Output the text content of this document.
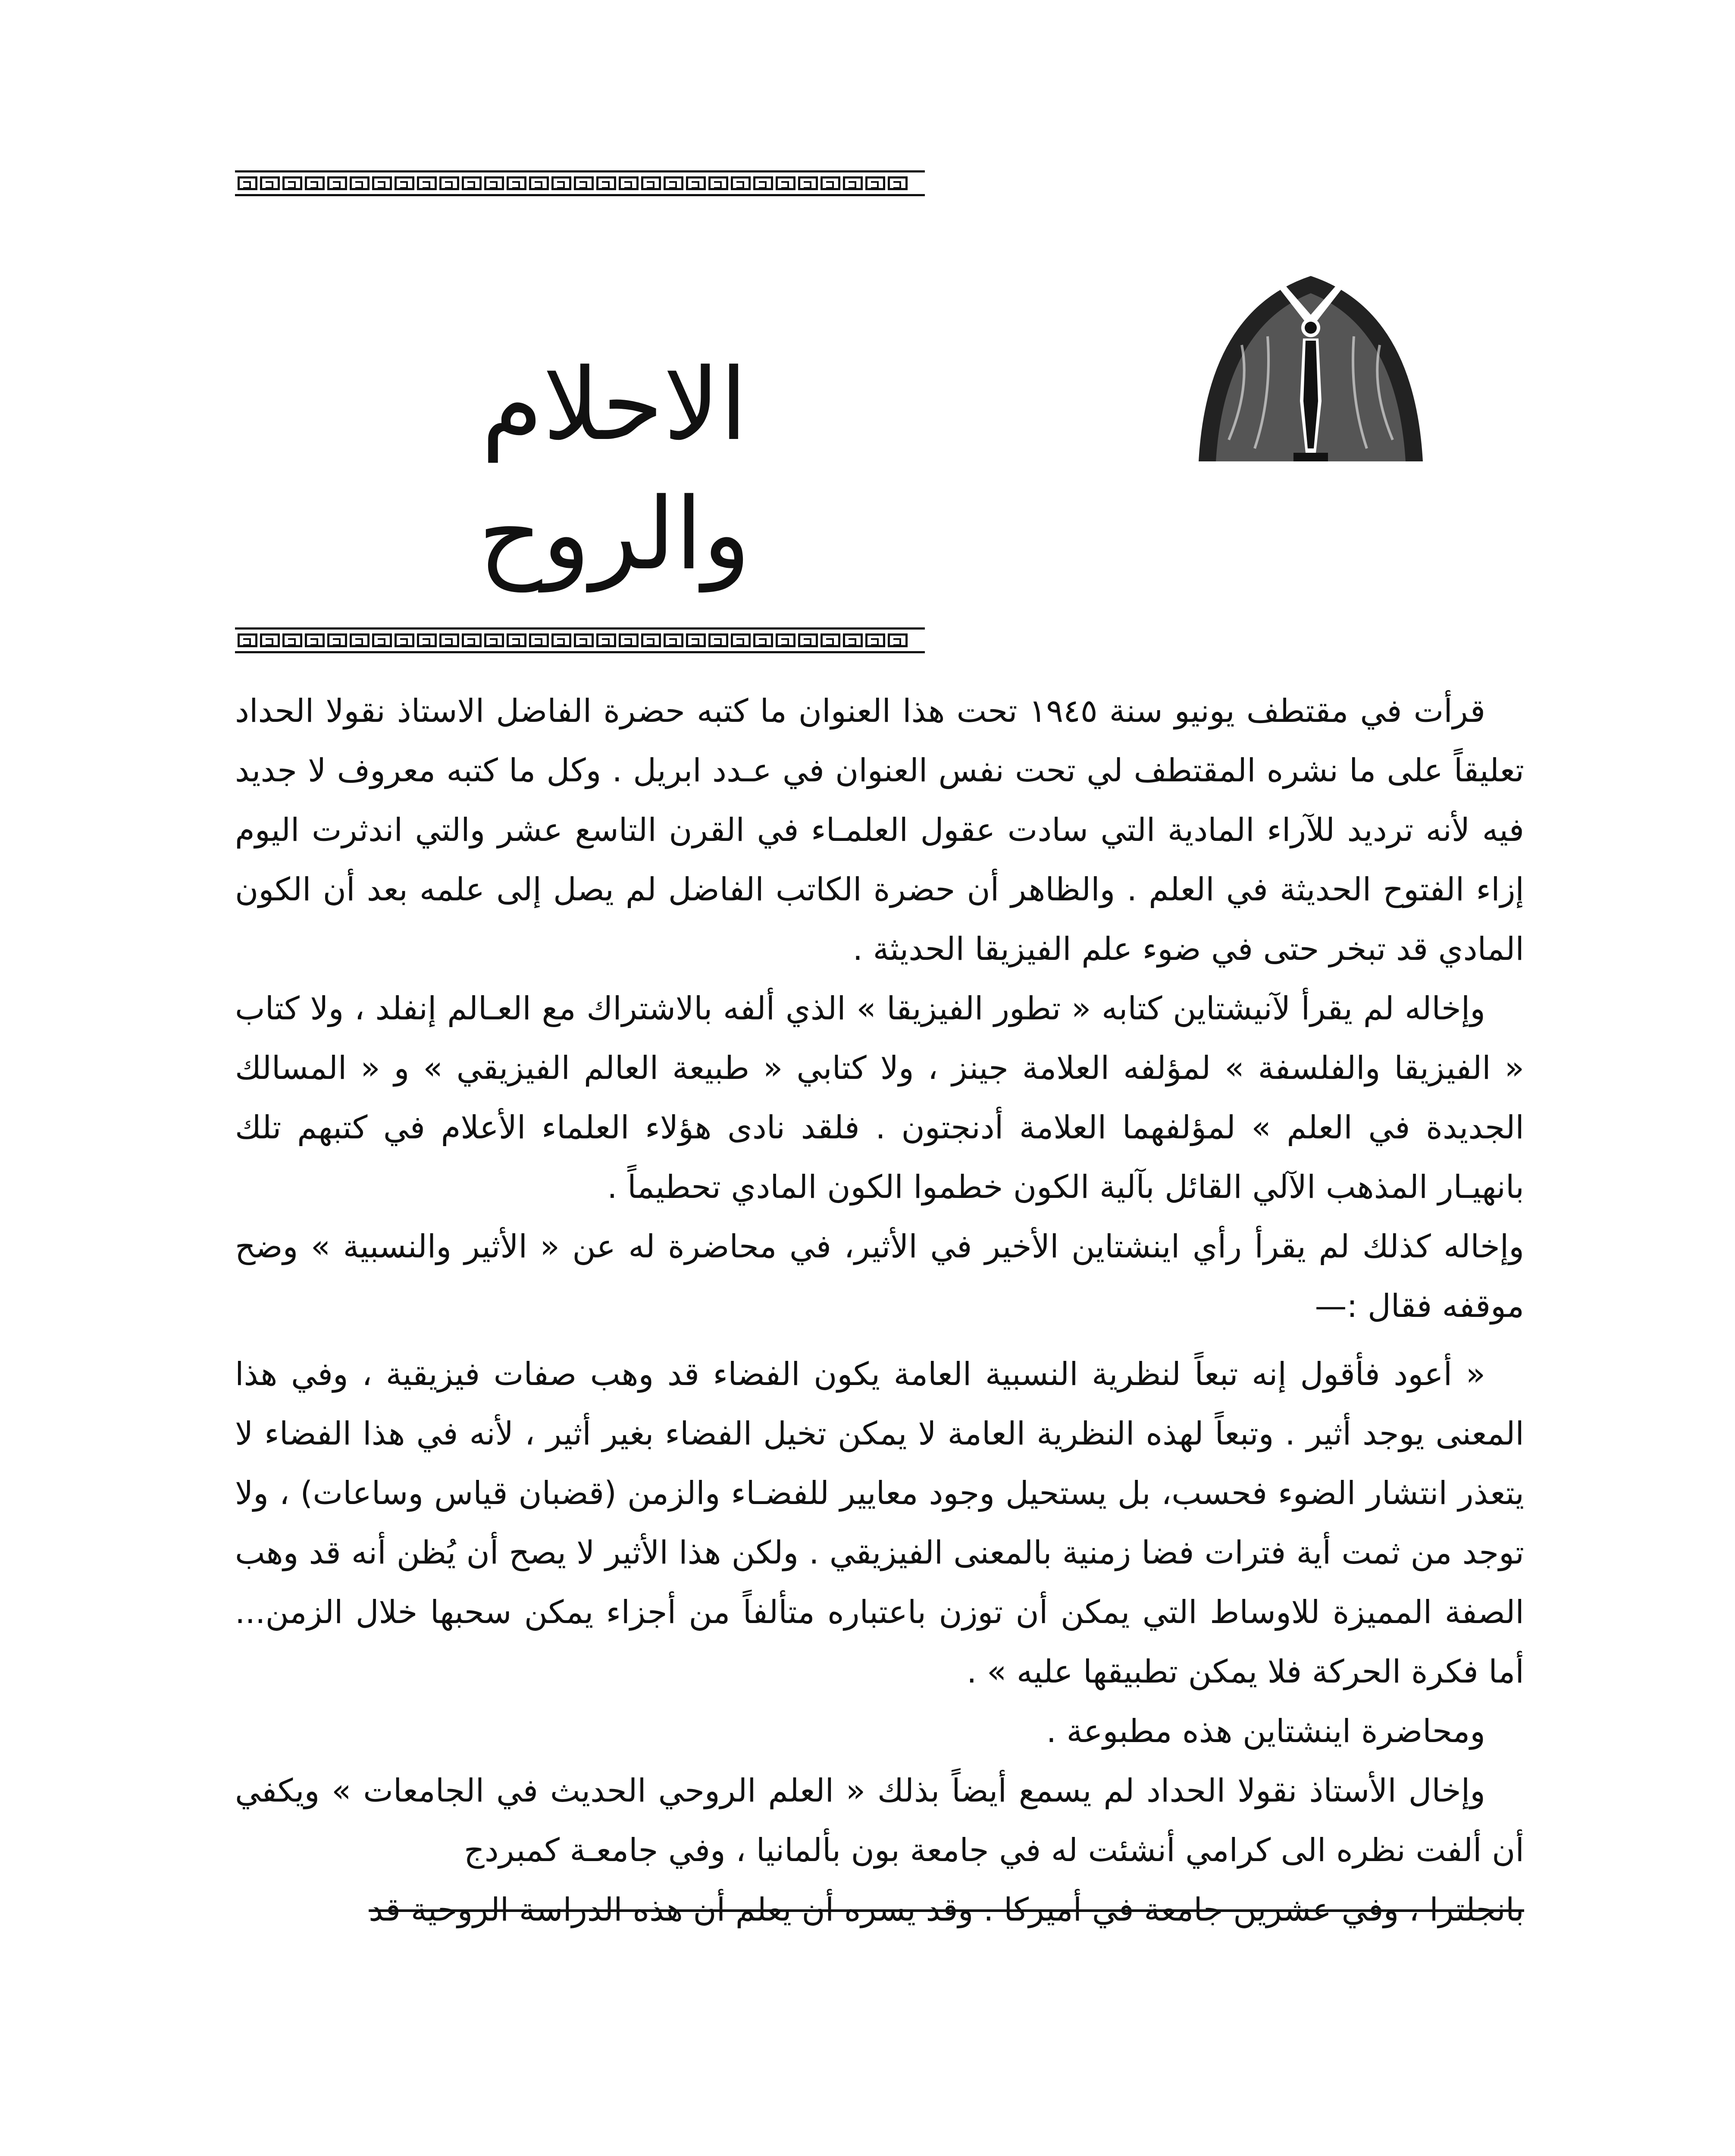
الاحلام والروح

قرأت في مقتطف يونيو سنة ١٩٤٥ تحت هذا العنوان ما كتبه حضرة الفاضل الاستاذ نقولا الحداد تعليقاً على ما نشره المقتطف لي تحت نفس العنوان في عـدد ابريل . وكل ما كتبه معروف لا جديد فيه لأنه ترديد للآراء المادية التي سادت عقول العلمـاء في القرن التاسع عشر والتي اندثرت اليوم إزاء الفتوح الحديثة في العلم . والظاهر أن حضرة الكاتب الفاضل لم يصل إلى علمه بعد أن الكون المادي قد تبخر حتى في ضوء علم الفيزيقا الحديثة .

وإخاله لم يقرأ لآنيشتاين كتابه « تطور الفيزيقا » الذي ألفه بالاشتراك مع العـالم إنفلد ، ولا كتاب « الفيزيقا والفلسفة » لمؤلفه العلامة جينز ، ولا كتابي « طبيعة العالم الفيزيقي » و « المسالك الجديدة في العلم » لمؤلفهما العلامة أدنجتون . فلقد نادى هؤلاء العلماء الأعلام في كتبهم تلك بانهيـار المذهب الآلي القائل بآلية الكون خطموا الكون المادي تحطيماً .

وإخاله كذلك لم يقرأ رأي اينشتاين الأخير في الأثير، في محاضرة له عن « الأثير والنسبية » وضح موقفه فقال :—

« أعود فأقول إنه تبعاً لنظرية النسبية العامة يكون الفضاء قد وهب صفات فيزيقية ، وفي هذا المعنى يوجد أثير . وتبعاً لهذه النظرية العامة لا يمكن تخيل الفضاء بغير أثير ، لأنه في هذا الفضاء لا يتعذر انتشار الضوء فحسب، بل يستحيل وجود معايير للفضـاء والزمن (قضبان قياس وساعات) ، ولا توجد من ثمت أية فترات فضا زمنية بالمعنى الفيزيقي . ولكن هذا الأثير لا يصح أن يُظن أنه قد وهب الصفة المميزة للاوساط التي يمكن أن توزن باعتباره متألفاً من أجزاء يمكن سحبها خلال الزمن... أما فكرة الحركة فلا يمكن تطبيقها عليه » .

ومحاضرة اينشتاين هذه مطبوعة .

وإخال الأستاذ نقولا الحداد لم يسمع أيضاً بذلك « العلم الروحي الحديث في الجامعات » ويكفي أن ألفت نظره الى كرامي أنشئت له في جامعة بون بألمانيا ، وفي جامعـة كمبردج

بانجلترا ، وفي عشرين جامعة في أميركا . وقد يسره أن يعلم أن هذه الدراسة الروحية قد
